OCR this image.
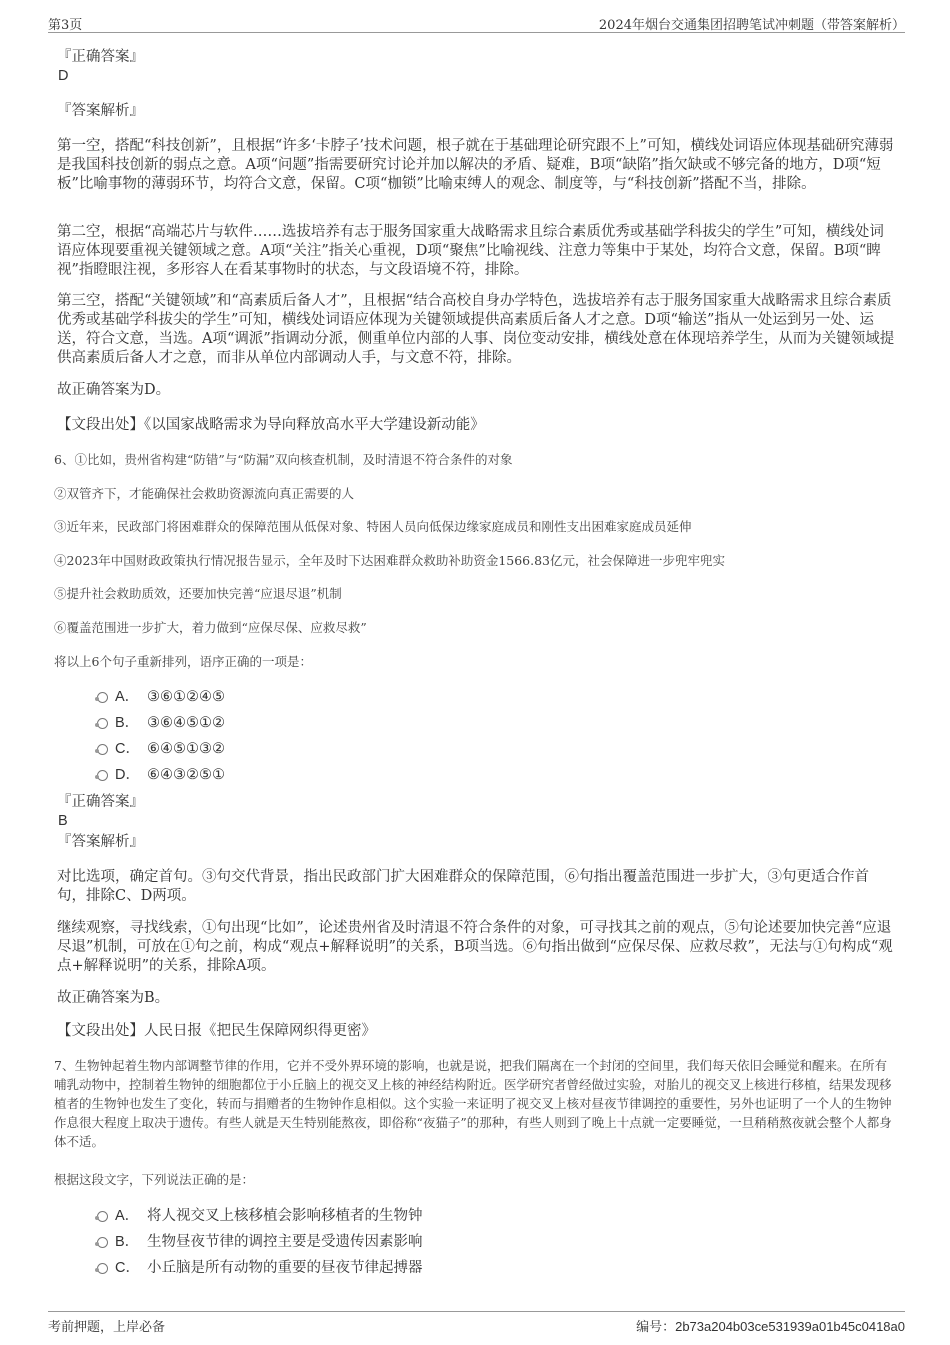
第3页	2024年烟台交通集团招聘笔试冲刺题（带答案解析）

『正确答案』

D

『答案解析』

第一空，搭配“科技创新”，且根据“许多‘卡脖子’技术问题，根子就在于基础理论研究跟不上”可知，横线处词语应体现基础研究薄弱是我国科技创新的弱点之意。A项“问题”指需要研究讨论并加以解决的矛盾、疑难，B项“缺陷”指欠缺或不够完备的地方，D项“短板”比喻事物的薄弱环节，均符合文意，保留。C项“枷锁”比喻束缚人的观念、制度等，与“科技创新”搭配不当，排除。

第二空，根据“高端芯片与软件……选拔培养有志于服务国家重大战略需求且综合素质优秀或基础学科拔尖的学生”可知，横线处词语应体现要重视关键领域之意。A项“关注”指关心重视，D项“聚焦”比喻视线、注意力等集中于某处，均符合文意，保留。B项“睥视”指瞪眼注视，多形容人在看某事物时的状态，与文段语境不符，排除。

第三空，搭配“关键领域”和“高素质后备人才”，且根据“结合高校自身办学特色，选拔培养有志于服务国家重大战略需求且综合素质优秀或基础学科拔尖的学生”可知，横线处词语应体现为关键领域提供高素质后备人才之意。D项“输送”指从一处运到另一处、运送，符合文意，当选。A项“调派”指调动分派，侧重单位内部的人事、岗位变动安排，横线处意在体现培养学生，从而为关键领域提供高素质后备人才之意，而非从单位内部调动人手，与文意不符，排除。

故正确答案为D。

【文段出处】《以国家战略需求为导向释放高水平大学建设新动能》

6、①比如，贵州省构建“防错”与“防漏”双向核查机制，及时清退不符合条件的对象

②双管齐下，才能确保社会救助资源流向真正需要的人

③近年来，民政部门将困难群众的保障范围从低保对象、特困人员向低保边缘家庭成员和刚性支出困难家庭成员延伸

④2023年中国财政政策执行情况报告显示，全年及时下达困难群众救助补助资金1566.83亿元，社会保障进一步兜牢兜实

⑤提升社会救助质效，还要加快完善“应退尽退”机制

⑥覆盖范围进一步扩大，着力做到“应保尽保、应救尽救”

将以上6个句子重新排列，语序正确的一项是：

A． ③⑥①②④⑤
B． ③⑥④⑤①②
C． ⑥④⑤①③②
D． ⑥④③②⑤①

『正确答案』

B

『答案解析』

对比选项，确定首句。③句交代背景，指出民政部门扩大困难群众的保障范围，⑥句指出覆盖范围进一步扩大，③句更适合作首句，排除C、D两项。

继续观察，寻找线索，①句出现“比如”，论述贵州省及时清退不符合条件的对象，可寻找其之前的观点，⑤句论述要加快完善“应退尽退”机制，可放在①句之前，构成“观点+解释说明”的关系，B项当选。⑥句指出做到“应保尽保、应救尽救”，无法与①句构成“观点+解释说明”的关系，排除A项。

故正确答案为B。

【文段出处】人民日报《把民生保障网织得更密》

7、生物钟起着生物内部调整节律的作用，它并不受外界环境的影响，也就是说，把我们隔离在一个封闭的空间里，我们每天依旧会睡觉和醒来。在所有哺乳动物中，控制着生物钟的细胞都位于小丘脑上的视交叉上核的神经结构附近。医学研究者曾经做过实验，对胎儿的视交叉上核进行移植，结果发现移植者的生物钟也发生了变化，转而与捐赠者的生物钟作息相似。这个实验一来证明了视交叉上核对昼夜节律调控的重要性，另外也证明了一个人的生物钟作息很大程度上取决于遗传。有些人就是天生特别能熬夜，即俗称“夜猫子”的那种，有些人则到了晚上十点就一定要睡觉，一旦稍稍熬夜就会整个人都身体不适。

根据这段文字，下列说法正确的是：

A． 将人视交叉上核移植会影响移植者的生物钟
B． 生物昼夜节律的调控主要是受遗传因素影响
C． 小丘脑是所有动物的重要的昼夜节律起搏器
考前押题，上岸必备	编号：2b73a204b03ce531939a01b45c0418a0
